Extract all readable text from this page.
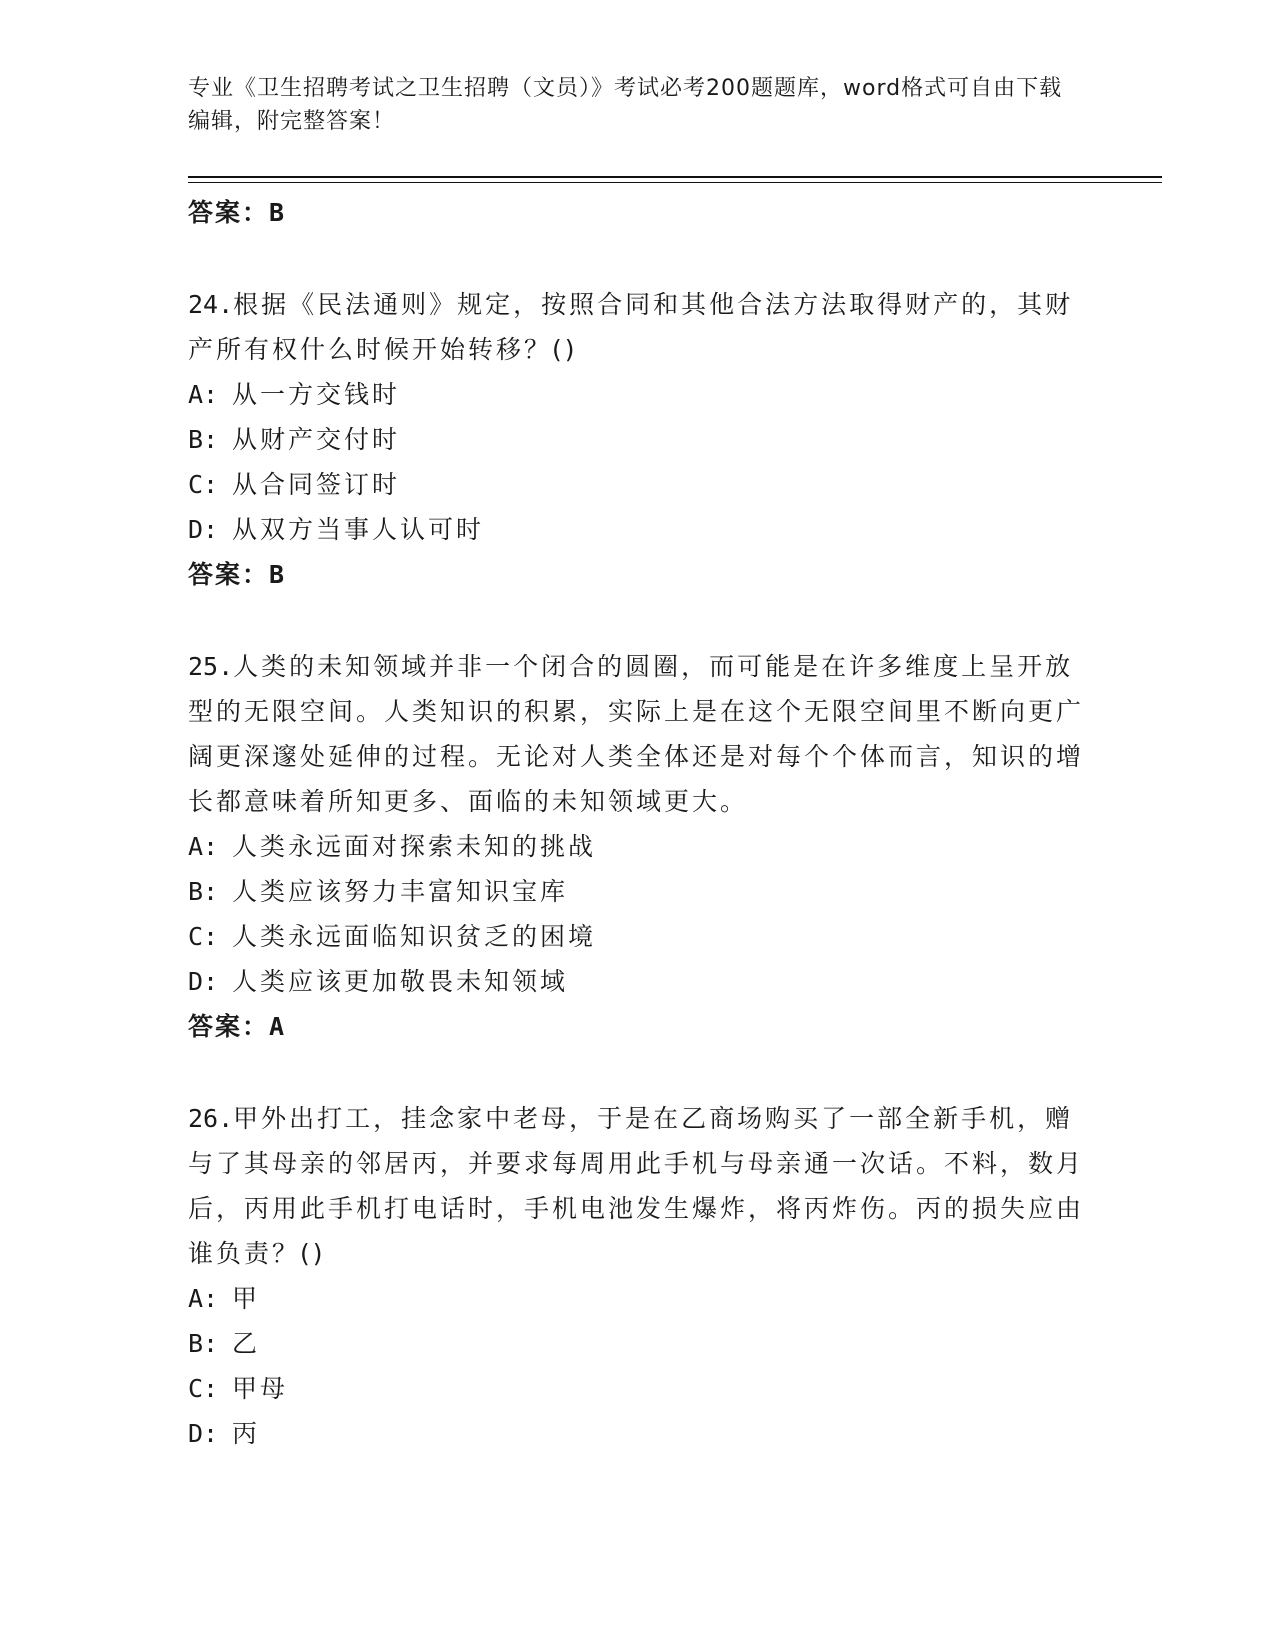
专业《卫生招聘考试之卫生招聘（文员）》考试必考200题题库，word格式可自由下载编辑，附完整答案！

答案：B

24.根据《民法通则》规定，按照合同和其他合法方法取得财产的，其财产所有权什么时候开始转移？()

A: 从一方交钱时

B: 从财产交付时

C: 从合同签订时

D: 从双方当事人认可时

答案：B

25.人类的未知领域并非一个闭合的圆圈，而可能是在许多维度上呈开放型的无限空间。人类知识的积累，实际上是在这个无限空间里不断向更广阔更深邃处延伸的过程。无论对人类全体还是对每个个体而言，知识的增长都意味着所知更多、面临的未知领域更大。

A: 人类永远面对探索未知的挑战

B: 人类应该努力丰富知识宝库

C: 人类永远面临知识贫乏的困境

D: 人类应该更加敬畏未知领域

答案：A

26.甲外出打工，挂念家中老母，于是在乙商场购买了一部全新手机，赠与了其母亲的邻居丙，并要求每周用此手机与母亲通一次话。不料，数月后，丙用此手机打电话时，手机电池发生爆炸，将丙炸伤。丙的损失应由谁负责？()

A: 甲

B: 乙

C: 甲母

D: 丙
